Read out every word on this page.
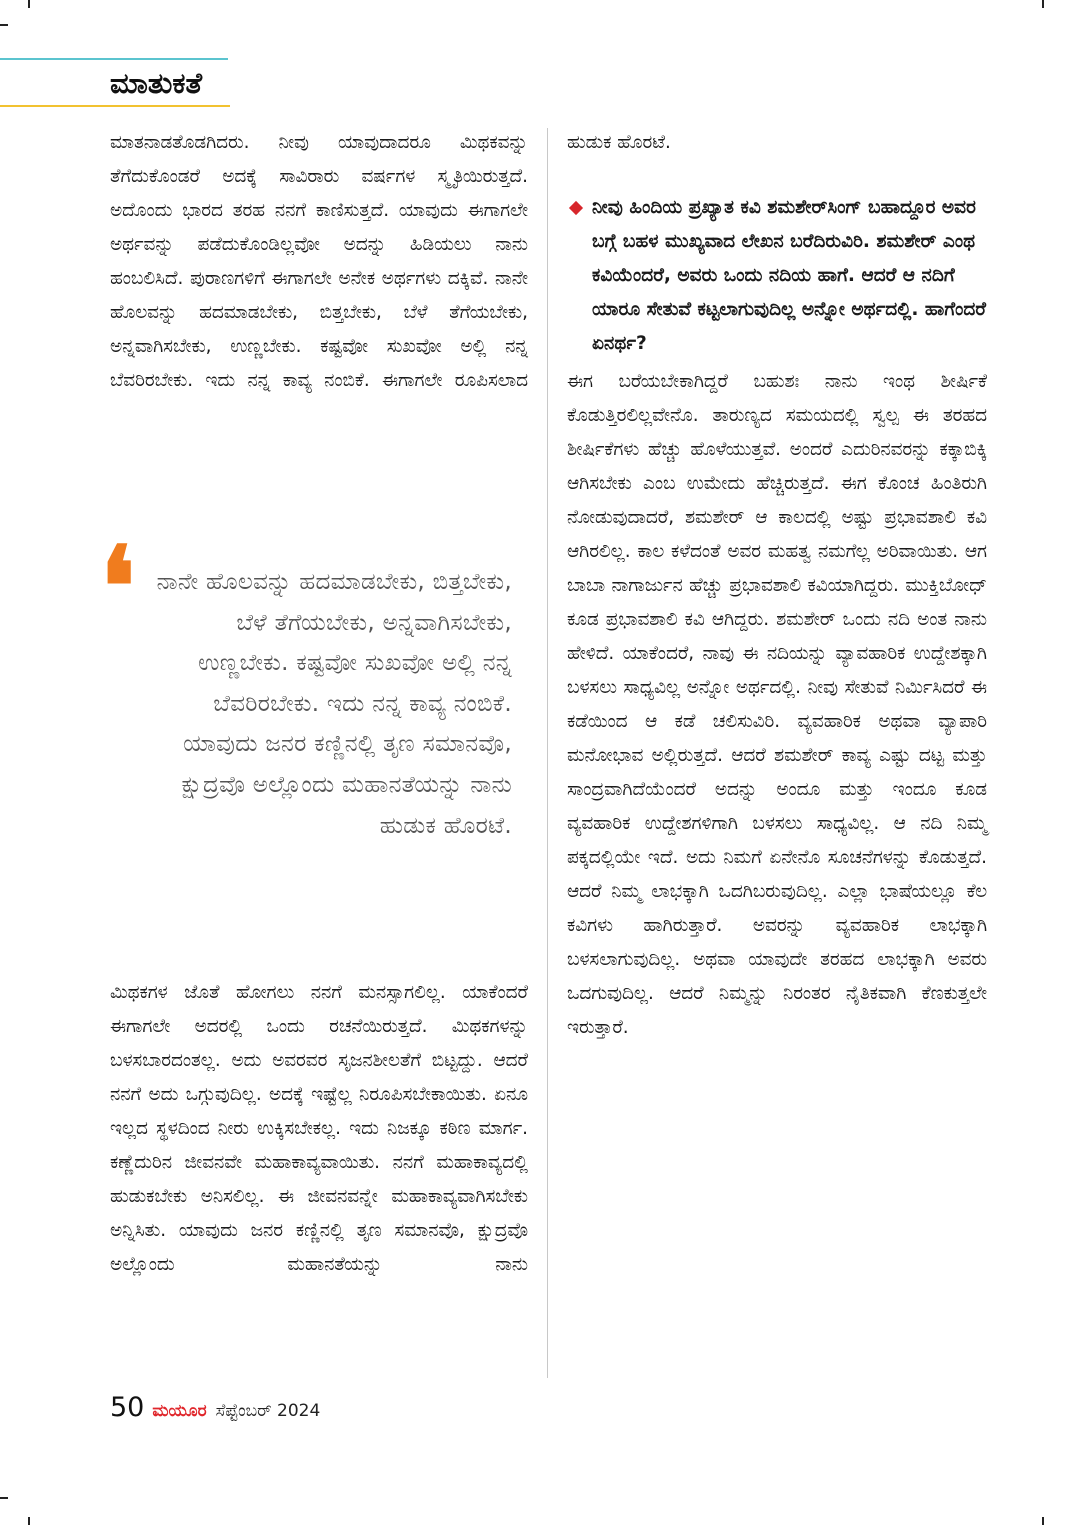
ಮಾತುಕತೆ

ಮಾತನಾಡತೊಡಗಿದರು. ನೀವು ಯಾವುದಾದರೂ ಮಿಥಕವನ್ನು ತೆಗೆದುಕೊಂಡರೆ ಅದಕ್ಕೆ ಸಾವಿರಾರು ವರ್ಷಗಳ ಸ್ಮೃತಿಯಿರುತ್ತದೆ. ಅದೊಂದು ಭಾರದ ತರಹ ನನಗೆ ಕಾಣಿಸುತ್ತದೆ. ಯಾವುದು ಈಗಾಗಲೇ ಅರ್ಥವನ್ನು ಪಡೆದುಕೊಂಡಿಲ್ಲವೋ ಅದನ್ನು ಹಿಡಿಯಲು ನಾನು ಹಂಬಲಿಸಿದೆ. ಪುರಾಣಗಳಿಗೆ ಈಗಾಗಲೇ ಅನೇಕ ಅರ್ಥಗಳು ದಕ್ಕಿವೆ. ನಾನೇ ಹೊಲವನ್ನು ಹದಮಾಡಬೇಕು, ಬಿತ್ತಬೇಕು, ಬೆಳೆ ತೆಗೆಯಬೇಕು, ಅನ್ನವಾಗಿಸಬೇಕು, ಉಣ್ಣಬೇಕು. ಕಷ್ಟವೋ ಸುಖವೋ ಅಲ್ಲಿ ನನ್ನ ಬೆವರಿರಬೇಕು. ಇದು ನನ್ನ ಕಾವ್ಯ ನಂಬಿಕೆ. ಈಗಾಗಲೇ ರೂಪಿಸಲಾದ

❛ ನಾನೇ ಹೊಲವನ್ನು ಹದಮಾಡಬೇಕು, ಬಿತ್ತಬೇಕು, ಬೆಳೆ ತೆಗೆಯಬೇಕು, ಅನ್ನವಾಗಿಸಬೇಕು, ಉಣ್ಣಬೇಕು. ಕಷ್ಟವೋ ಸುಖವೋ ಅಲ್ಲಿ ನನ್ನ ಬೆವರಿರಬೇಕು. ಇದು ನನ್ನ ಕಾವ್ಯ ನಂಬಿಕೆ. ಯಾವುದು ಜನರ ಕಣ್ಣಿನಲ್ಲಿ ತೃಣ ಸಮಾನವೊ, ಕ್ಷುದ್ರವೊ ಅಲ್ಲೊಂದು ಮಹಾನತೆಯನ್ನು ನಾನು ಹುಡುಕ ಹೊರಟೆ.

ಮಿಥಕಗಳ ಜೊತೆ ಹೋಗಲು ನನಗೆ ಮನಸ್ಸಾಗಲಿಲ್ಲ. ಯಾಕೆಂದರೆ ಈಗಾಗಲೇ ಅದರಲ್ಲಿ ಒಂದು ರಚನೆಯಿರುತ್ತದೆ. ಮಿಥಕಗಳನ್ನು ಬಳಸಬಾರದಂತಲ್ಲ. ಅದು ಅವರವರ ಸೃಜನಶೀಲತೆಗೆ ಬಿಟ್ಟದ್ದು. ಆದರೆ ನನಗೆ ಅದು ಒಗ್ಗುವುದಿಲ್ಲ. ಅದಕ್ಕೆ ಇಷ್ಟೆಲ್ಲ ನಿರೂಪಿಸಬೇಕಾಯಿತು. ಏನೂ ಇಲ್ಲದ ಸ್ಥಳದಿಂದ ನೀರು ಉಕ್ಕಿಸಬೇಕಲ್ಲ. ಇದು ನಿಜಕ್ಕೂ ಕಠಿಣ ಮಾರ್ಗ. ಕಣ್ಣೆದುರಿನ ಜೀವನವೇ ಮಹಾಕಾವ್ಯವಾಯಿತು. ನನಗೆ ಮಹಾಕಾವ್ಯದಲ್ಲಿ ಹುಡುಕಬೇಕು ಅನಿಸಲಿಲ್ಲ. ಈ ಜೀವನವನ್ನೇ ಮಹಾಕಾವ್ಯವಾಗಿಸಬೇಕು ಅನ್ನಿಸಿತು. ಯಾವುದು ಜನರ ಕಣ್ಣಿನಲ್ಲಿ ತೃಣ ಸಮಾನವೊ, ಕ್ಷುದ್ರವೊ ಅಲ್ಲೊಂದು ಮಹಾನತೆಯನ್ನು ನಾನು

ಹುಡುಕ ಹೊರಟೆ.

ನೀವು ಹಿಂದಿಯ ಪ್ರಖ್ಯಾತ ಕವಿ ಶಮಶೇರ್‌ಸಿಂಗ್ ಬಹಾದ್ದೂರ ಅವರ ಬಗ್ಗೆ ಬಹಳ ಮುಖ್ಯವಾದ ಲೇಖನ ಬರೆದಿರುವಿರಿ. ಶಮಶೇರ್ ಎಂಥ ಕವಿಯೆಂದರೆ, ಅವರು ಒಂದು ನದಿಯ ಹಾಗೆ. ಆದರೆ ಆ ನದಿಗೆ ಯಾರೂ ಸೇತುವೆ ಕಟ್ಟಲಾಗುವುದಿಲ್ಲ ಅನ್ನೋ ಅರ್ಥದಲ್ಲಿ. ಹಾಗೆಂದರೆ ಏನರ್ಥ?

ಈಗ ಬರೆಯಬೇಕಾಗಿದ್ದರೆ ಬಹುಶಃ ನಾನು ಇಂಥ ಶೀರ್ಷಿಕೆ ಕೊಡುತ್ತಿರಲಿಲ್ಲವೇನೊ. ತಾರುಣ್ಯದ ಸಮಯದಲ್ಲಿ ಸ್ವಲ್ಪ ಈ ತರಹದ ಶೀರ್ಷಿಕೆಗಳು ಹೆಚ್ಚು ಹೊಳೆಯುತ್ತವೆ. ಅಂದರೆ ಎದುರಿನವರನ್ನು ಕಕ್ಕಾಬಿಕ್ಕಿ ಆಗಿಸಬೇಕು ಎಂಬ ಉಮೇದು ಹೆಚ್ಚಿರುತ್ತದೆ. ಈಗ ಕೊಂಚ ಹಿಂತಿರುಗಿ ನೋಡುವುದಾದರೆ, ಶಮಶೇರ್ ಆ ಕಾಲದಲ್ಲಿ ಅಷ್ಟು ಪ್ರಭಾವಶಾಲಿ ಕವಿ ಆಗಿರಲಿಲ್ಲ. ಕಾಲ ಕಳೆದಂತೆ ಅವರ ಮಹತ್ವ ನಮಗೆಲ್ಲ ಅರಿವಾಯಿತು. ಆಗ ಬಾಬಾ ನಾಗಾರ್ಜುನ ಹೆಚ್ಚು ಪ್ರಭಾವಶಾಲಿ ಕವಿಯಾಗಿದ್ದರು. ಮುಕ್ತಿಬೋಧ್ ಕೂಡ ಪ್ರಭಾವಶಾಲಿ ಕವಿ ಆಗಿದ್ದರು. ಶಮಶೇರ್ ಒಂದು ನದಿ ಅಂತ ನಾನು ಹೇಳಿದೆ. ಯಾಕೆಂದರೆ, ನಾವು ಈ ನದಿಯನ್ನು ವ್ಯಾವಹಾರಿಕ ಉದ್ದೇಶಕ್ಕಾಗಿ ಬಳಸಲು ಸಾಧ್ಯವಿಲ್ಲ ಅನ್ನೋ ಅರ್ಥದಲ್ಲಿ. ನೀವು ಸೇತುವೆ ನಿರ್ಮಿಸಿದರೆ ಈ ಕಡೆಯಿಂದ ಆ ಕಡೆ ಚಲಿಸುವಿರಿ. ವ್ಯವಹಾರಿಕ ಅಥವಾ ವ್ಯಾಪಾರಿ ಮನೋಭಾವ ಅಲ್ಲಿರುತ್ತದೆ. ಆದರೆ ಶಮಶೇರ್ ಕಾವ್ಯ ಎಷ್ಟು ದಟ್ಟ ಮತ್ತು ಸಾಂದ್ರವಾಗಿದೆಯೆಂದರೆ ಅದನ್ನು ಅಂದೂ ಮತ್ತು ಇಂದೂ ಕೂಡ ವ್ಯವಹಾರಿಕ ಉದ್ದೇಶಗಳಿಗಾಗಿ ಬಳಸಲು ಸಾಧ್ಯವಿಲ್ಲ. ಆ ನದಿ ನಿಮ್ಮ ಪಕ್ಕದಲ್ಲಿಯೇ ಇದೆ. ಅದು ನಿಮಗೆ ಏನೇನೊ ಸೂಚನೆಗಳನ್ನು ಕೊಡುತ್ತದೆ. ಆದರೆ ನಿಮ್ಮ ಲಾಭಕ್ಕಾಗಿ ಒದಗಿಬರುವುದಿಲ್ಲ. ಎಲ್ಲಾ ಭಾಷೆಯಲ್ಲೂ ಕೆಲ ಕವಿಗಳು ಹಾಗಿರುತ್ತಾರೆ. ಅವರನ್ನು ವ್ಯವಹಾರಿಕ ಲಾಭಕ್ಕಾಗಿ ಬಳಸಲಾಗುವುದಿಲ್ಲ. ಅಥವಾ ಯಾವುದೇ ತರಹದ ಲಾಭಕ್ಕಾಗಿ ಅವರು ಒದಗುವುದಿಲ್ಲ. ಆದರೆ ನಿಮ್ಮನ್ನು ನಿರಂತರ ನೈತಿಕವಾಗಿ ಕೆಣಕುತ್ತಲೇ ಇರುತ್ತಾರೆ.

50 ಮಯೂರ ಸೆಪ್ಟೆಂಬರ್ 2024
